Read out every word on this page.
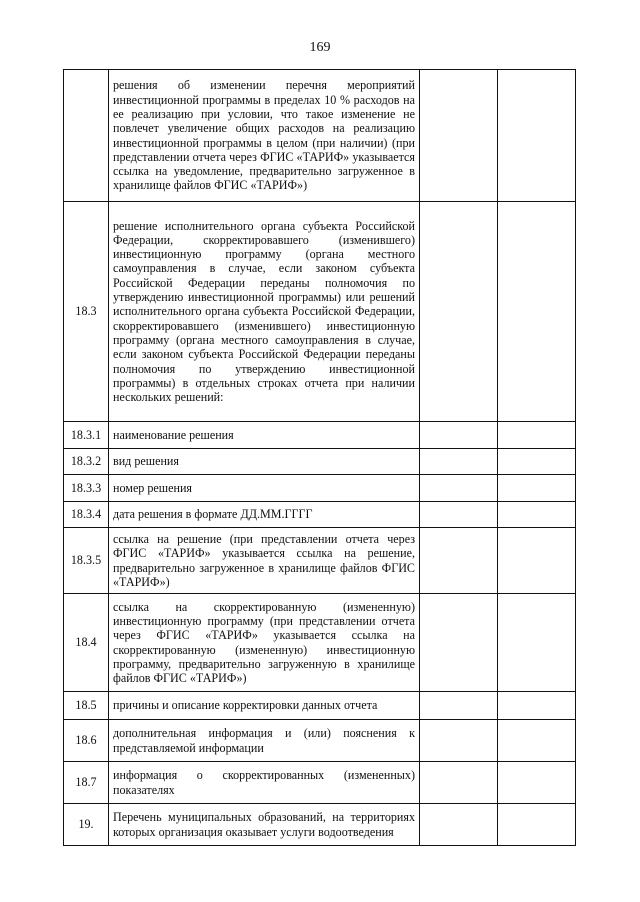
169
	решения об изменении перечня мероприятий инвестиционной программы в пределах 10 % расходов на ее реализацию при условии, что такое изменение не повлечет увеличение общих расходов на реализацию инвестиционной программы в целом (при наличии) (при представлении отчета через ФГИС «ТАРИФ» указывается ссылка на уведомление, предварительно загруженное в хранилище файлов ФГИС «ТАРИФ»)		
18.3	решение исполнительного органа субъекта Российской Федерации, скорректировавшего (изменившего) инвестиционную программу (органа местного самоуправления в случае, если законом субъекта Российской Федерации переданы полномочия по утверждению инвестиционной программы) или решений исполнительного органа субъекта Российской Федерации, скорректировавшего (изменившего) инвестиционную программу (органа местного самоуправления в случае, если законом субъекта Российской Федерации переданы полномочия по утверждению инвестиционной программы) в отдельных строках отчета при наличии нескольких решений:		
18.3.1	наименование решения		
18.3.2	вид решения		
18.3.3	номер решения		
18.3.4	дата решения в формате ДД.ММ.ГГГГ		
18.3.5	ссылка на решение (при представлении отчета через ФГИС «ТАРИФ» указывается ссылка на решение, предварительно загруженное в хранилище файлов ФГИС «ТАРИФ»)		
18.4	ссылка на скорректированную (измененную) инвестиционную программу (при представлении отчета через ФГИС «ТАРИФ» указывается ссылка на скорректированную (измененную) инвестиционную программу, предварительно загруженную в хранилище файлов ФГИС «ТАРИФ»)		
18.5	причины и описание корректировки данных отчета		
18.6	дополнительная информация и (или) пояснения к представляемой информации		
18.7	информация о скорректированных (измененных) показателях		
19.	Перечень муниципальных образований, на территориях которых организация оказывает услуги водоотведения		
